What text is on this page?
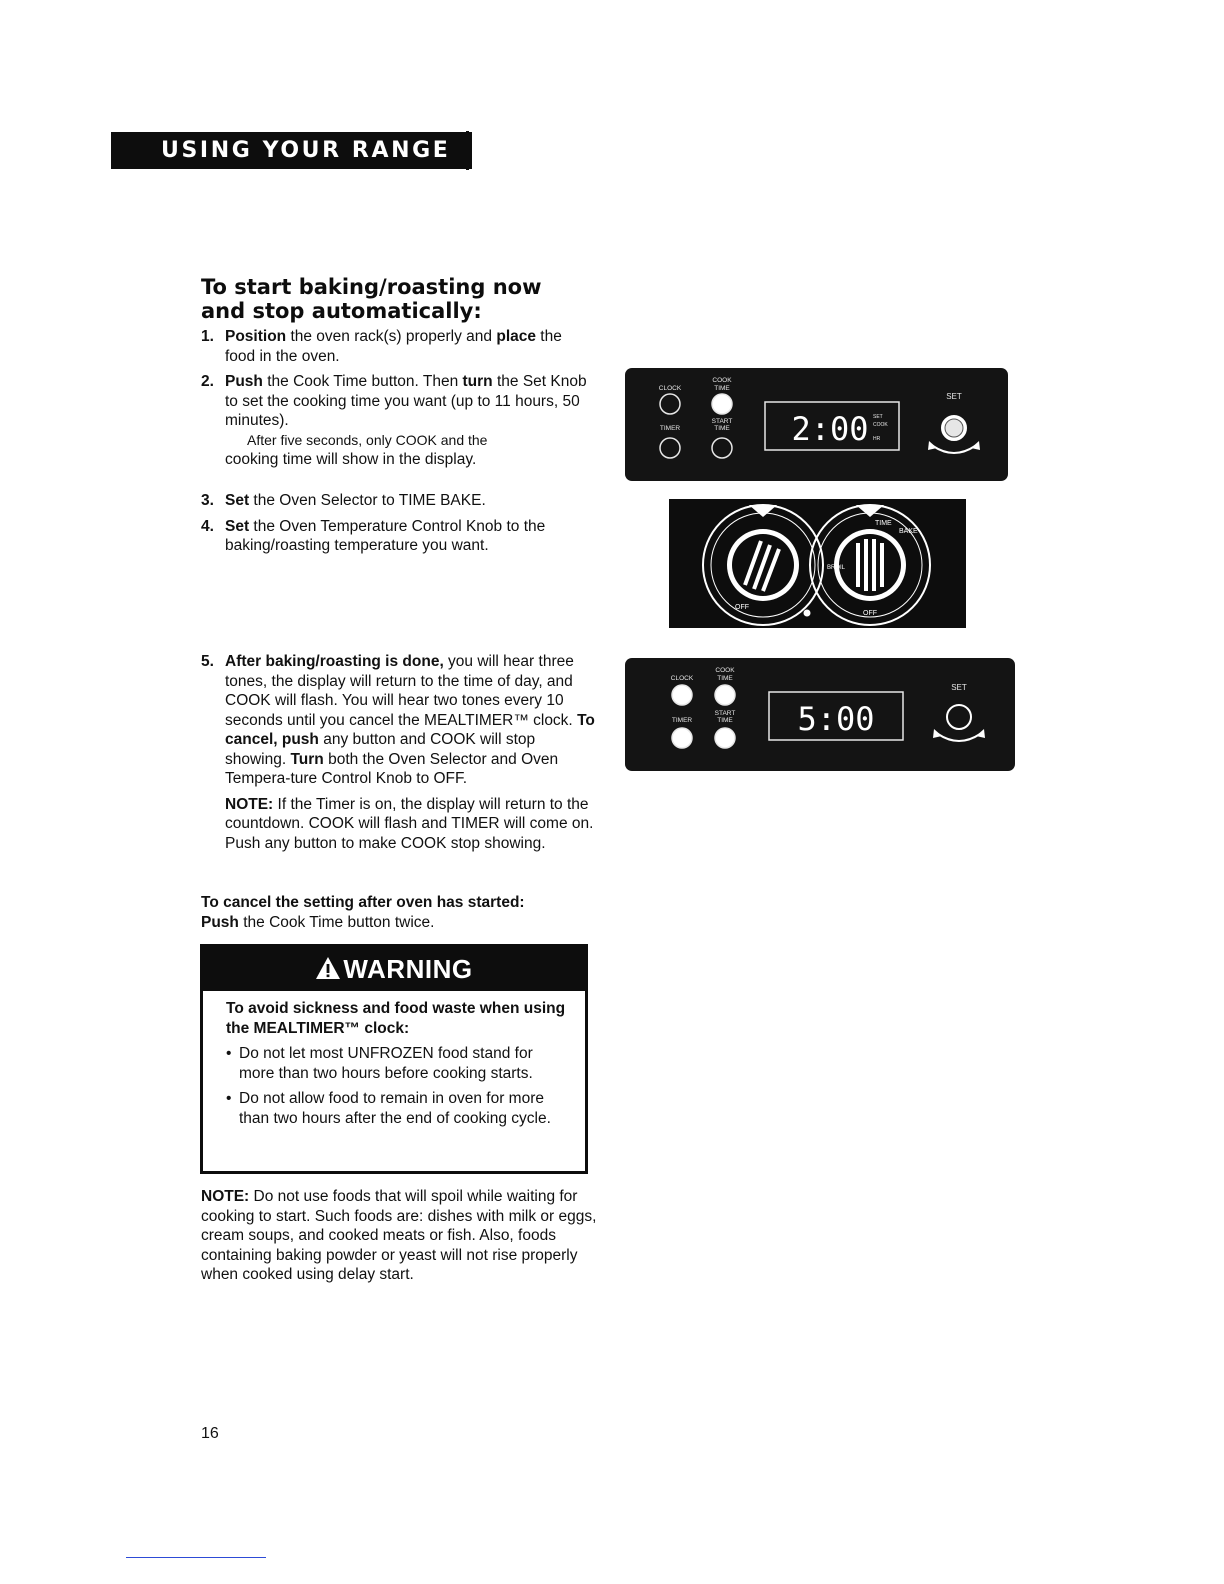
USING YOUR RANGE
To start baking/roasting now
and stop automatically:
1. Position the oven rack(s) properly and place the food in the oven.
2. Push the Cook Time button. Then turn the Set Knob to set the cooking time you want (up to 11 hours, 50 minutes).
After five seconds, only COOK and the
cooking time will show in the display.
3. Set the Oven Selector to TIME BAKE.
4. Set the Oven Temperature Control Knob to the baking/roasting temperature you want.
5. After baking/roasting is done, you will hear three tones, the display will return to the time of day, and COOK will flash. You will hear two tones every 10 seconds until you cancel the MEALTIMER™ clock. To cancel, push any button and COOK will stop showing. Turn both the Oven Selector and Oven Tempera-ture Control Knob to OFF.
NOTE: If the Timer is on, the display will return to the countdown. COOK will flash and TIMER will come on. Push any button to make COOK stop showing.
To cancel the setting after oven has started:
Push the Cook Time button twice.
WARNING
To avoid sickness and food waste when using the MEALTIMER™ clock:
• Do not let most UNFROZEN food stand for more than two hours before cooking starts.
• Do not allow food to remain in oven for more than two hours after the end of cooking cycle.
NOTE: Do not use foods that will spoil while waiting for cooking to start. Such foods are: dishes with milk or eggs, cream soups, and cooked meats or fish. Also, foods containing baking powder or yeast will not rise properly when cooked using delay start.
CLOCK
COOK
TIME
TIMER
START
TIME
SET
2:00 SET
COOK
HR
OFF
TIME
BAKE
BROIL
OFF
CLOCK
COOK
TIME
TIMER
START
TIME
SET
5:00
16
